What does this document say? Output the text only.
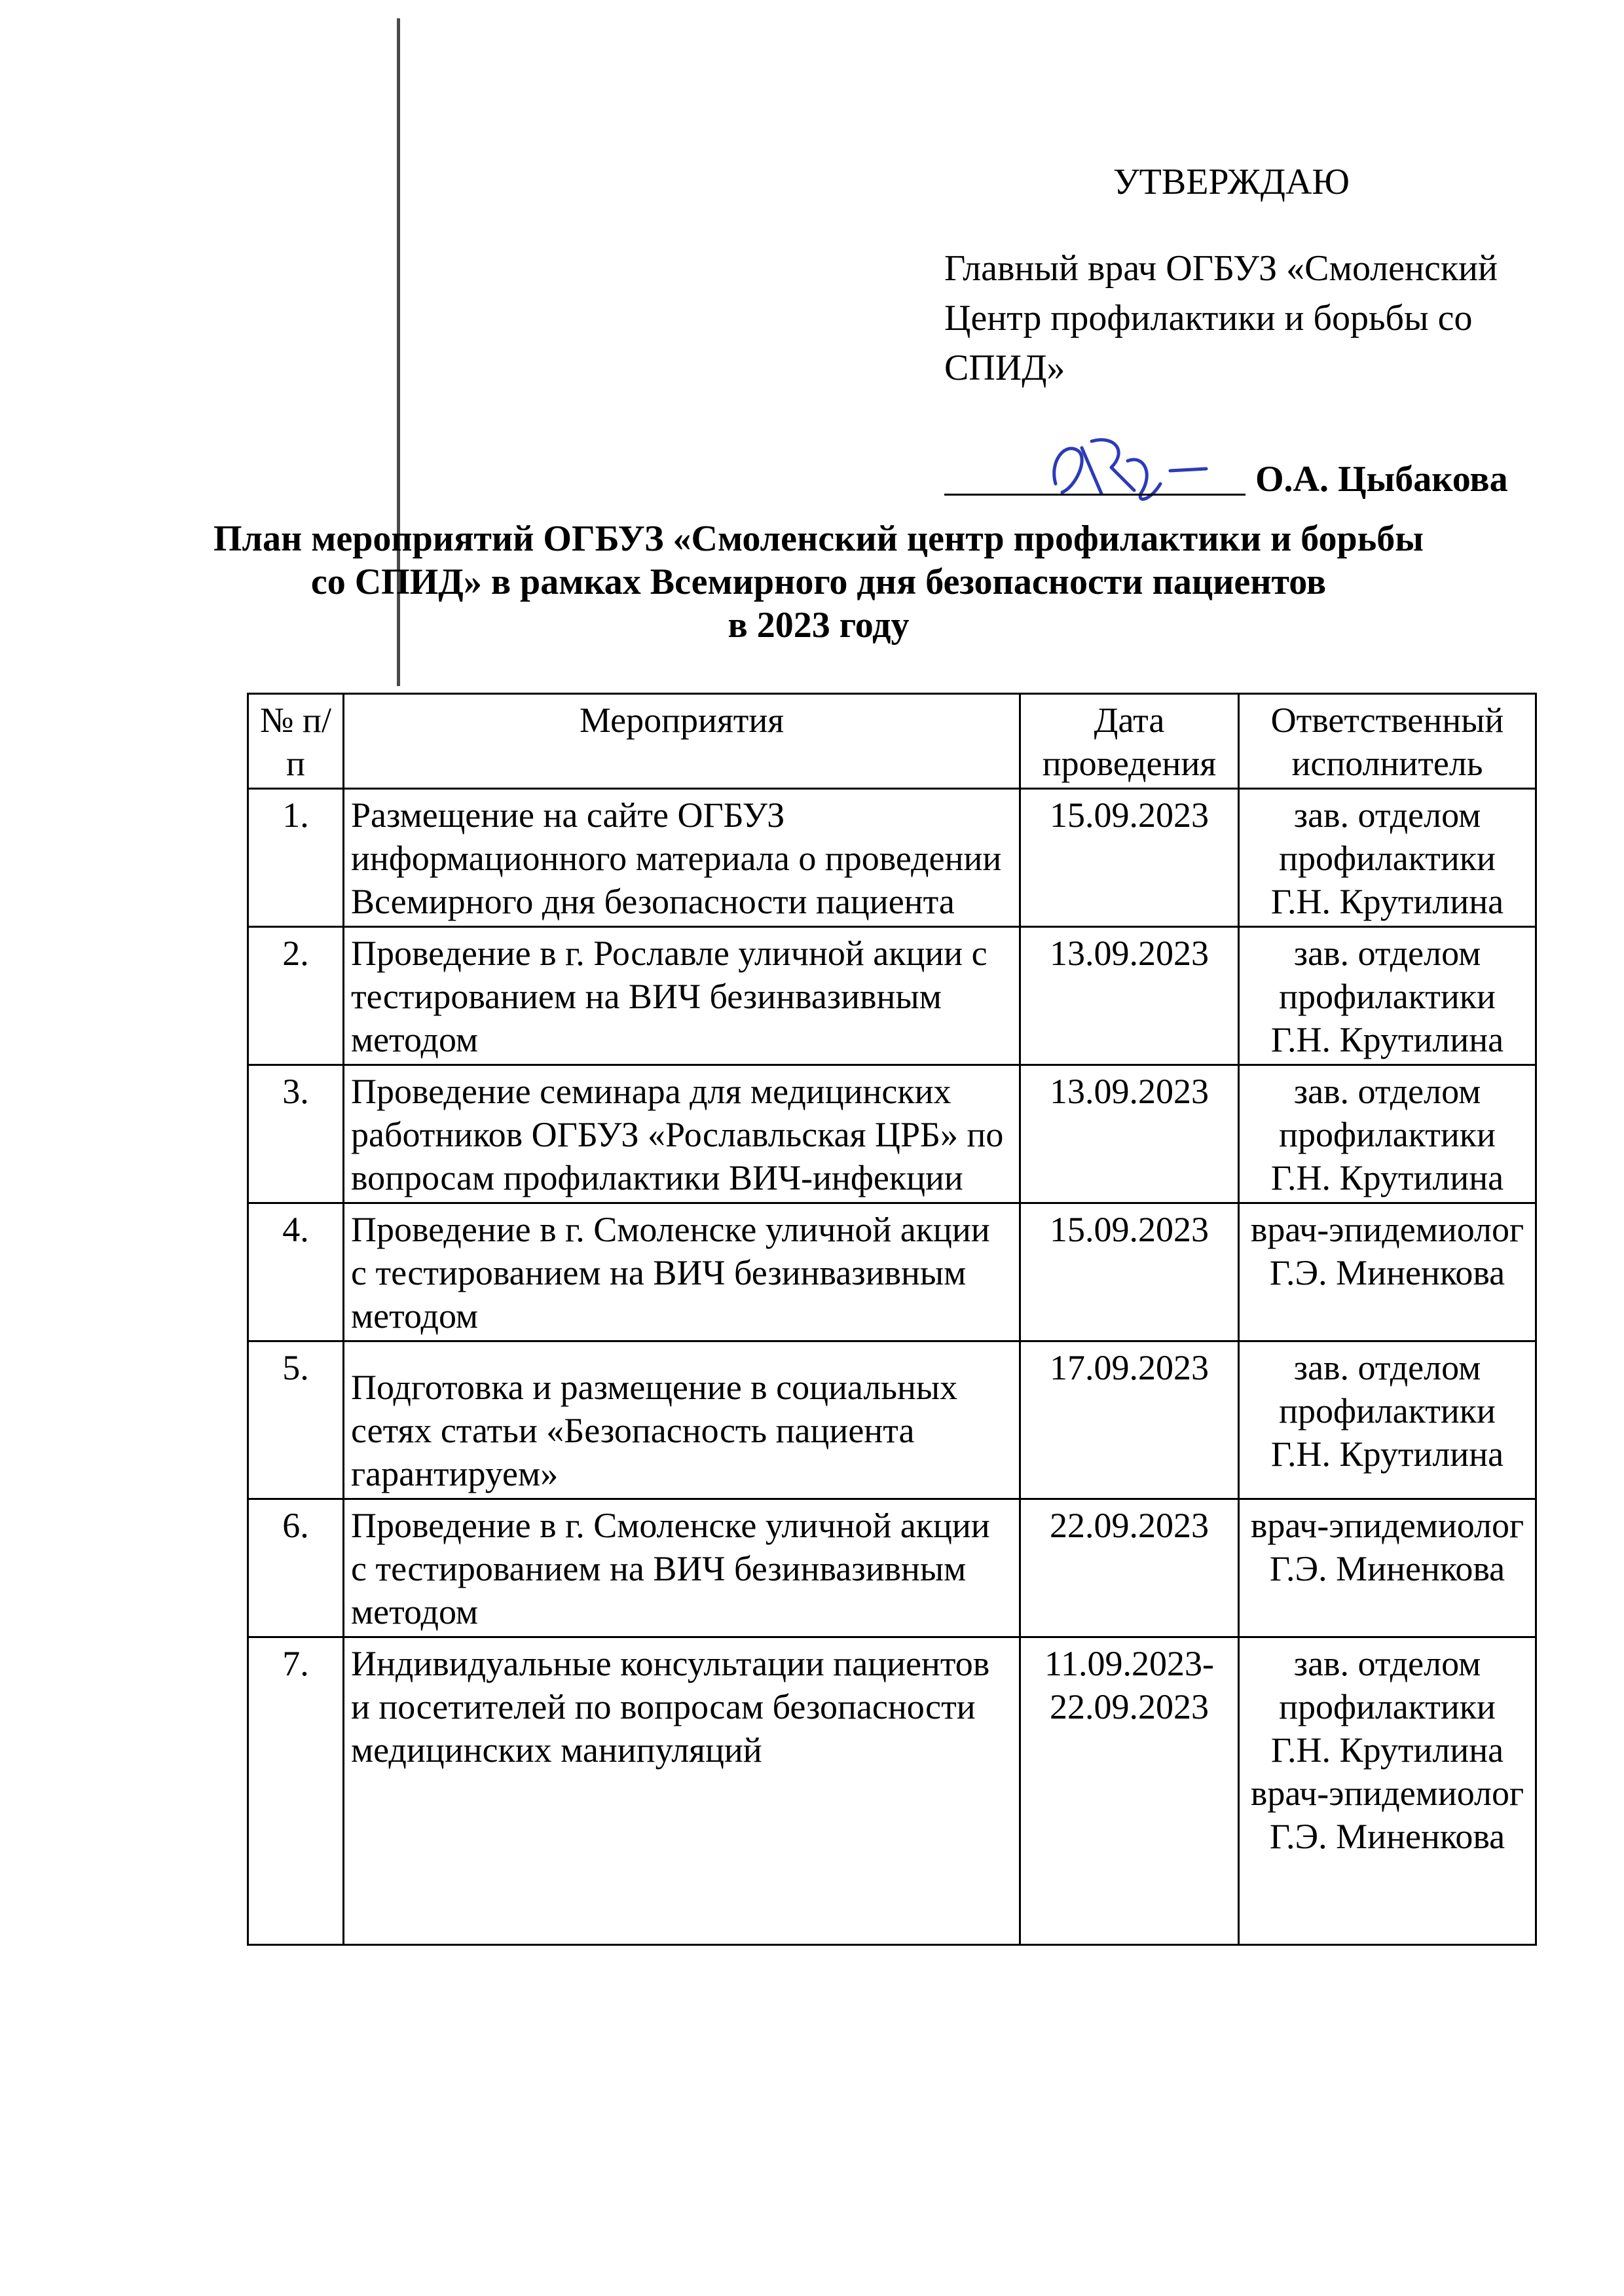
УТВЕРЖДАЮ
Главный врач ОГБУЗ «Смоленский Центр профилактики и борьбы со СПИД»
О.А. Цыбакова
План мероприятий ОГБУЗ «Смоленский центр профилактики и борьбы
со СПИД» в рамках Всемирного дня безопасности пациентов
в 2023 году
№ п/п	Мероприятия	Дата проведения	Ответственный исполнитель
1.	Размещение на сайте ОГБУЗ информационного материала о проведении Всемирного дня безопасности пациента	15.09.2023	зав. отделом профилактики
Г.Н. Крутилина

2.	Проведение в г. Рославле уличной акции с тестированием на ВИЧ безинвазивным методом	13.09.2023	зав. отделом профилактики
Г.Н. Крутилина

3.	Проведение семинара для медицинских работников ОГБУЗ «Рославльская ЦРБ» по вопросам профилактики ВИЧ-инфекции	13.09.2023	зав. отделом профилактики
Г.Н. Крутилина

4.	Проведение в г. Смоленске уличной акции с тестированием на ВИЧ безинвазивным методом	15.09.2023	врач-эпидемиолог
Г.Э. Миненкова

5.	Подготовка и размещение в социальных сетях статьи «Безопасность пациента гарантируем»	17.09.2023	зав. отделом профилактики
Г.Н. Крутилина

6.	Проведение в г. Смоленске уличной акции с тестированием на ВИЧ безинвазивным методом	22.09.2023	врач-эпидемиолог
Г.Э. Миненкова

7.	Индивидуальные консультации пациентов и посетителей по вопросам безопасности медицинских манипуляций	11.09.2023-22.09.2023	зав. отделом профилактики
Г.Н. Крутилина
врач-эпидемиолог
Г.Э. Миненкова
